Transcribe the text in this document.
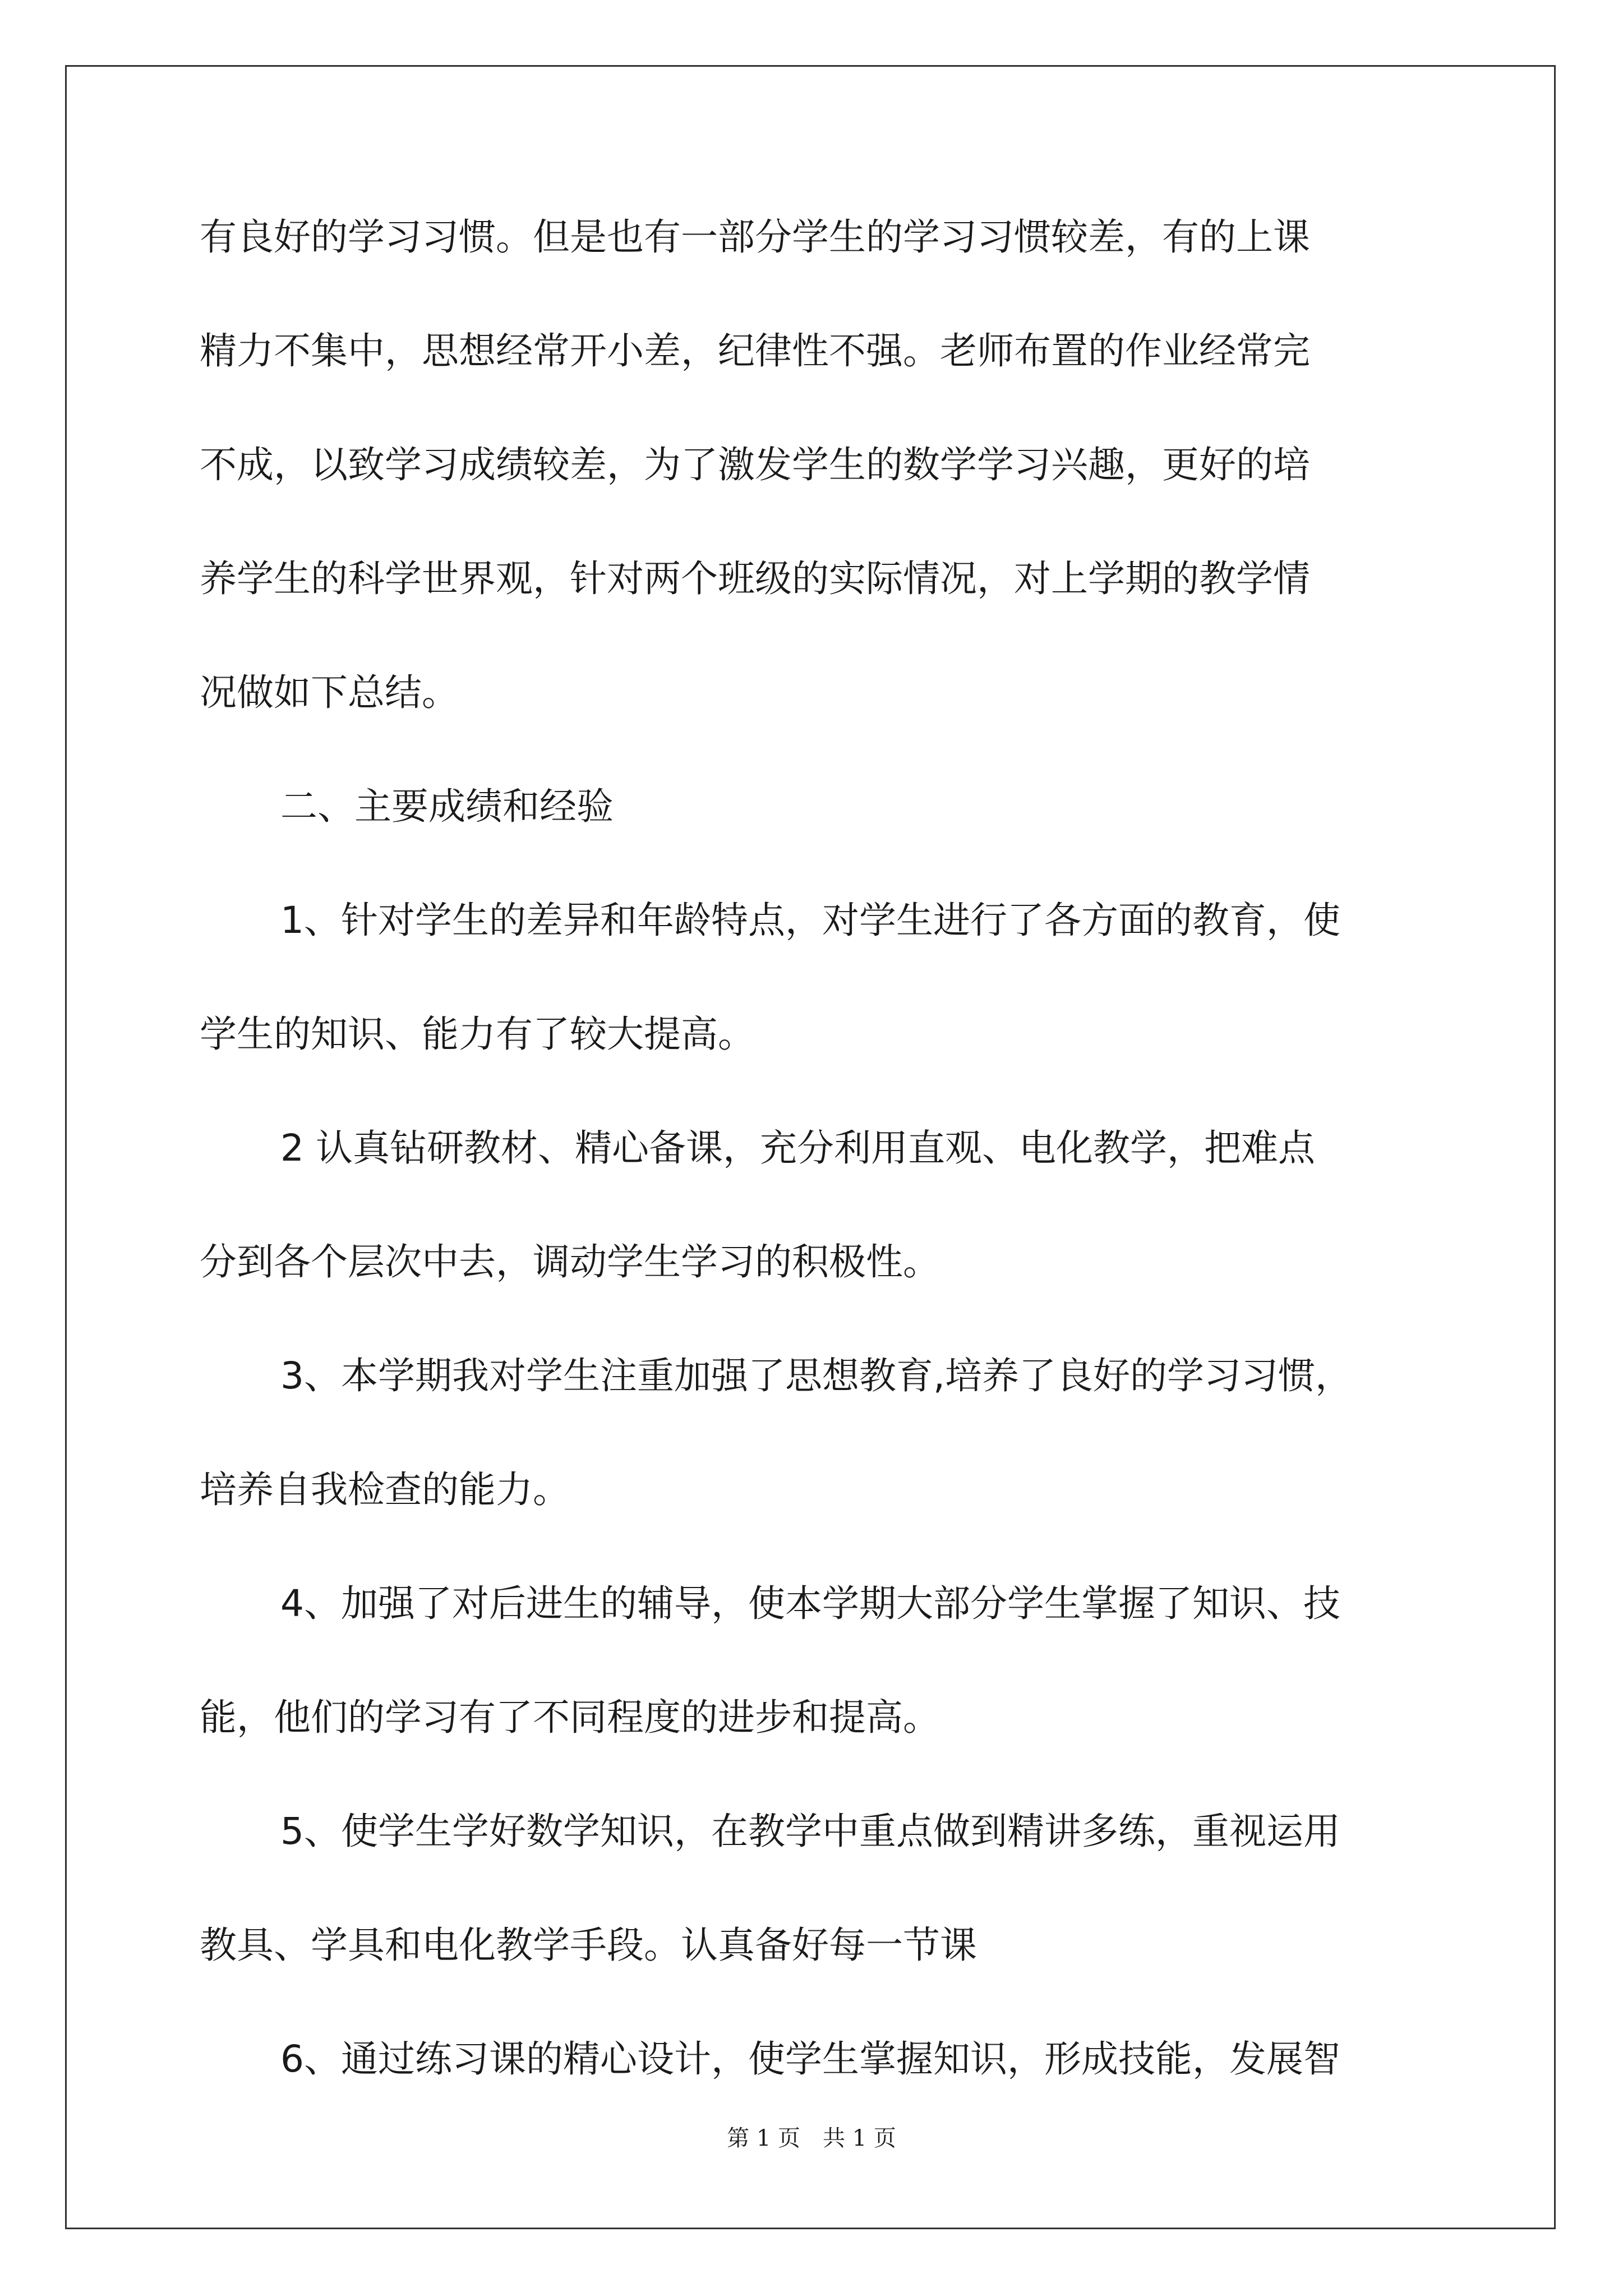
有良好的学习习惯。但是也有一部分学生的学习习惯较差，有的上课
精力不集中，思想经常开小差，纪律性不强。老师布置的作业经常完
不成，以致学习成绩较差，为了激发学生的数学学习兴趣，更好的培
养学生的科学世界观，针对两个班级的实际情况，对上学期的教学情
况做如下总结。
二、主要成绩和经验
1、针对学生的差异和年龄特点，对学生进行了各方面的教育，使
学生的知识、能力有了较大提高。
2 认真钻研教材、精心备课，充分利用直观、电化教学，把难点
分到各个层次中去，调动学生学习的积极性。
3、本学期我对学生注重加强了思想教育,培养了良好的学习习惯，
培养自我检查的能力。
4、加强了对后进生的辅导，使本学期大部分学生掌握了知识、技
能，他们的学习有了不同程度的进步和提高。
5、使学生学好数学知识，在教学中重点做到精讲多练，重视运用
教具、学具和电化教学手段。认真备好每一节课
6、通过练习课的精心设计，使学生掌握知识，形成技能，发展智
第 1 页　共 1 页
